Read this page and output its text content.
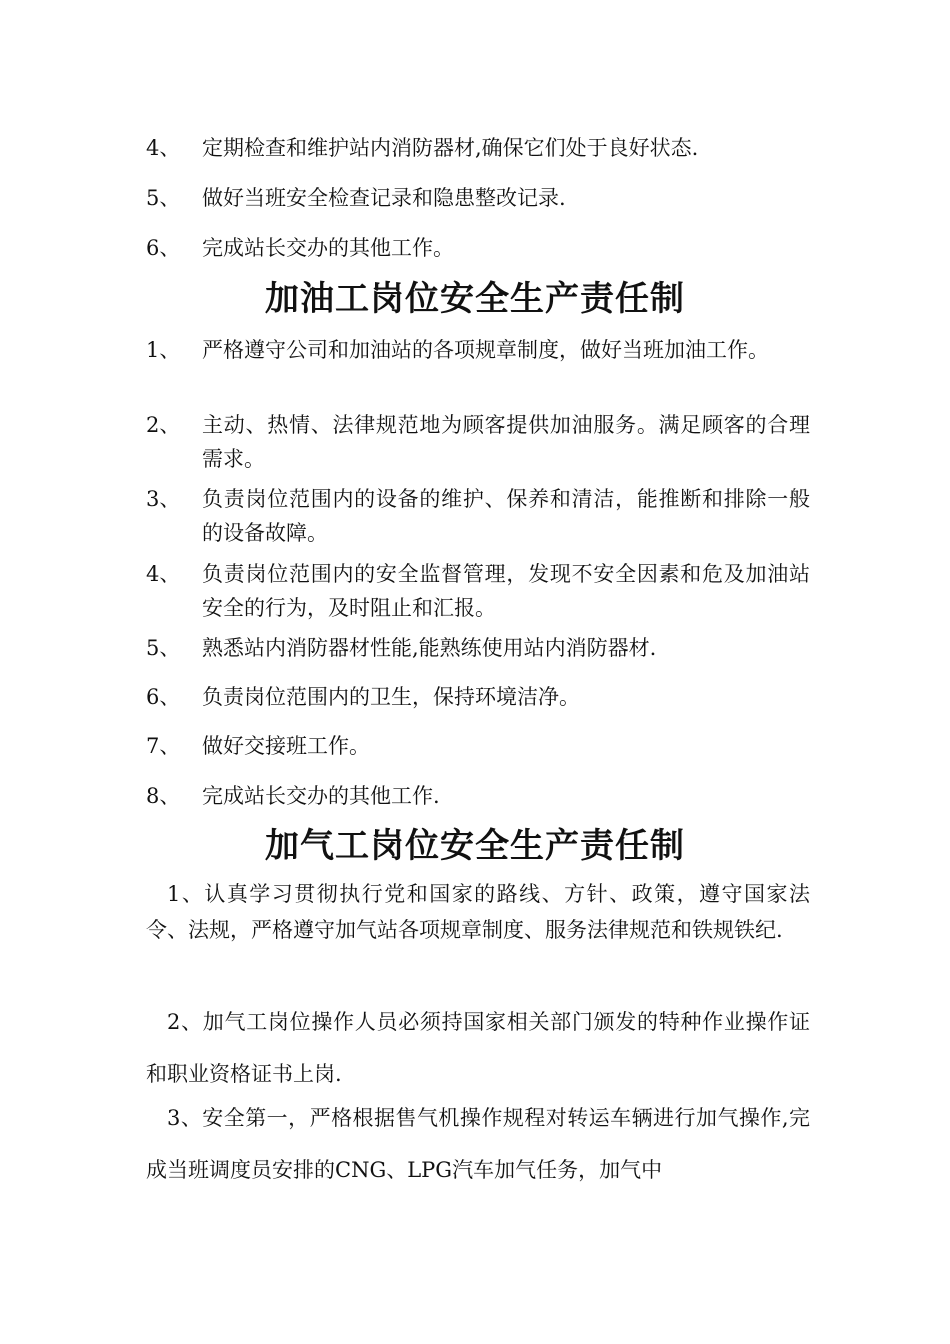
4、	定期检查和维护站内消防器材,确保它们处于良好状态.
5、	做好当班安全检查记录和隐患整改记录.
6、	完成站长交办的其他工作。
加油工岗位安全生产责任制
1、	严格遵守公司和加油站的各项规章制度，做好当班加油工作。
2、	主动、热情、法律规范地为顾客提供加油服务。满足顾客的合理需求。
3、	负责岗位范围内的设备的维护、保养和清洁，能推断和排除一般的设备故障。
4、	负责岗位范围内的安全监督管理，发现不安全因素和危及加油站安全的行为，及时阻止和汇报。
5、	熟悉站内消防器材性能,能熟练使用站内消防器材.
6、	负责岗位范围内的卫生，保持环境洁净。
7、	做好交接班工作。
8、	完成站长交办的其他工作.
加气工岗位安全生产责任制
1、认真学习贯彻执行党和国家的路线、方针、政策，遵守国家法令、法规，严格遵守加气站各项规章制度、服务法律规范和铁规铁纪.
2、加气工岗位操作人员必须持国家相关部门颁发的特种作业操作证和职业资格证书上岗.
3、安全第一，严格根据售气机操作规程对转运车辆进行加气操作,完成当班调度员安排的CNG、LPG汽车加气任务，加气中
